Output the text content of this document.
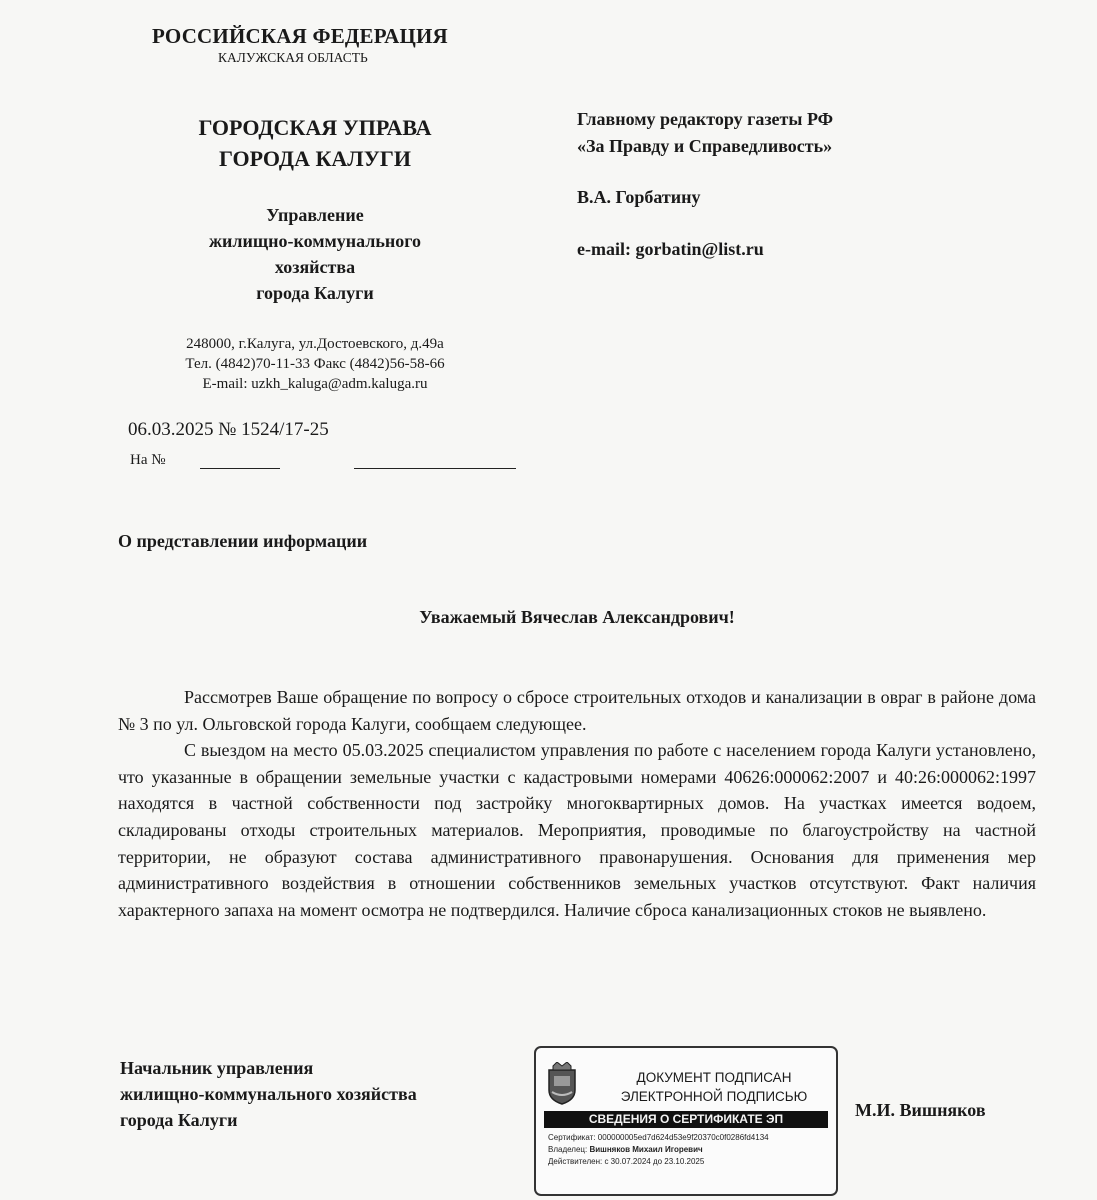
РОССИЙСКАЯ ФЕДЕРАЦИЯ
КАЛУЖСКАЯ ОБЛАСТЬ
ГОРОДСКАЯ УПРАВА
ГОРОДА КАЛУГИ
Управление
жилищно-коммунального
хозяйства
города Калуги
248000, г.Калуга, ул.Достоевского, д.49а
Тел. (4842)70-11-33 Факс (4842)56-58-66
E-mail: uzkh_kaluga@adm.kaluga.ru
06.03.2025 № 1524/17-25
На №
Главному редактору газеты РФ
«За Правду и Справедливость»
В.А. Горбатину
e-mail: gorbatin@list.ru
О представлении информации
Уважаемый Вячеслав Александрович!

Рассмотрев Ваше обращение по вопросу о сбросе строительных отходов и канализации в овраг в районе дома № 3 по ул. Ольговской города Калуги, сообщаем следующее.

С выездом на место 05.03.2025 специалистом управления по работе с населением города Калуги установлено, что указанные в обращении земельные участки с кадастровыми номерами 40626:000062:2007 и 40:26:000062:1997 находятся в частной собственности под застройку многоквартирных домов. На участках имеется водоем, складированы отходы строительных материалов. Мероприятия, проводимые по благоустройству на частной территории, не образуют состава административного правонарушения. Основания для применения мер административного воздействия в отношении собственников земельных участков отсутствуют. Факт наличия характерного запаха на момент осмотра не подтвердился. Наличие сброса канализационных стоков не выявлено.

Начальник управления
жилищно-коммунального хозяйства
города Калуги
ДОКУМЕНТ ПОДПИСАН
ЭЛЕКТРОННОЙ ПОДПИСЬЮ
СВЕДЕНИЯ О СЕРТИФИКАТЕ ЭП
Сертификат: 000000005ed7d624d53e9f20370c0f0286fd4134
Владелец: Вишняков Михаил Игоревич
Действителен: с 30.07.2024 до 23.10.2025
М.И. Вишняков
